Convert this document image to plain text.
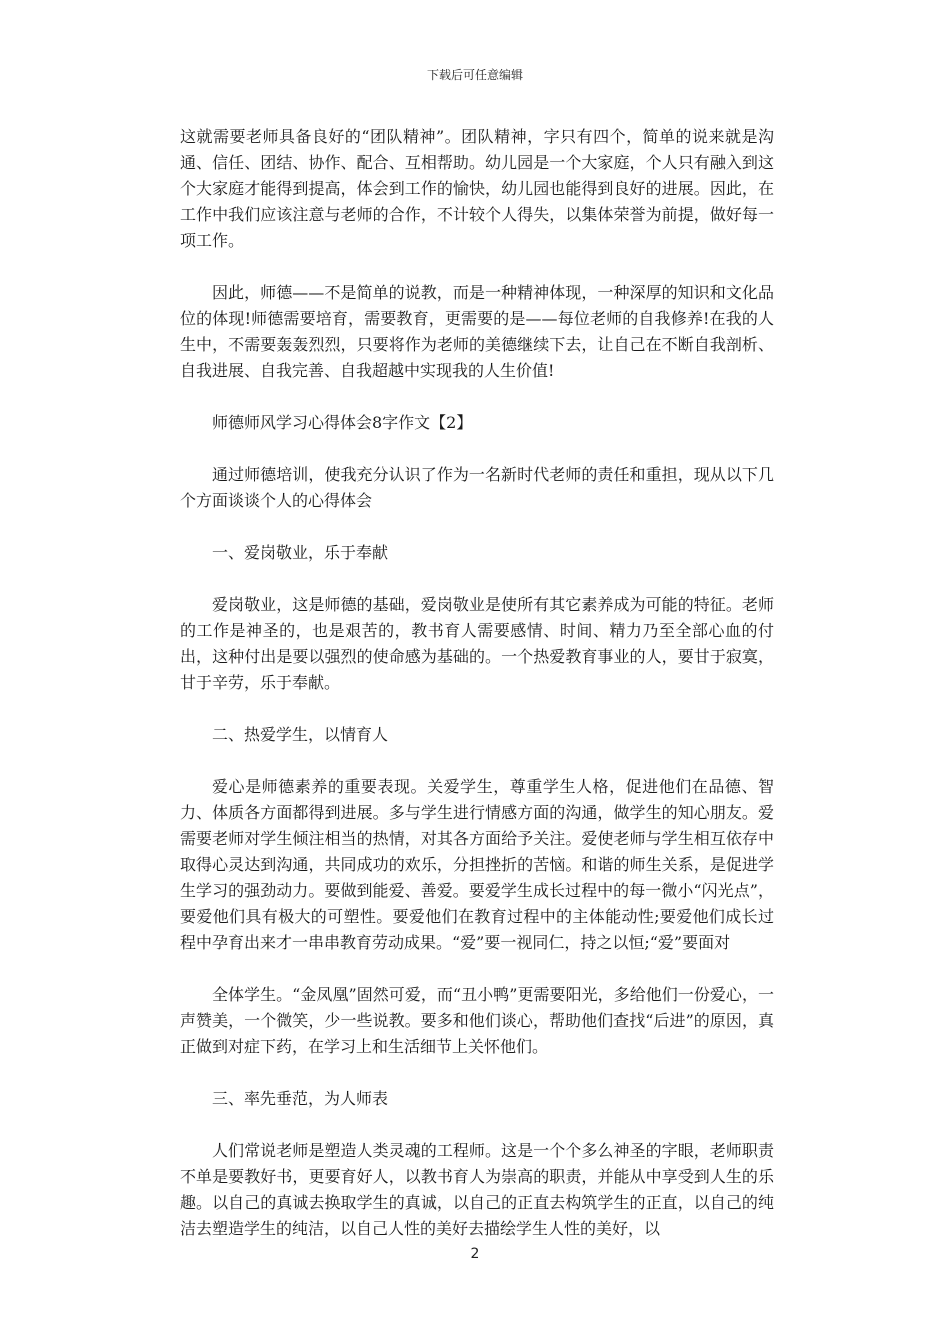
下载后可任意编辑

这就需要老师具备良好的“团队精神”。团队精神，字只有四个，简单的说来就是沟通、信任、团结、协作、配合、互相帮助。幼儿园是一个大家庭，个人只有融入到这个大家庭才能得到提高，体会到工作的愉快，幼儿园也能得到良好的进展。因此，在工作中我们应该注意与老师的合作，不计较个人得失，以集体荣誉为前提，做好每一项工作。

因此，师德——不是简单的说教，而是一种精神体现，一种深厚的知识和文化品位的体现!师德需要培育，需要教育，更需要的是——每位老师的自我修养!在我的人生中，不需要轰轰烈烈，只要将作为老师的美德继续下去，让自己在不断自我剖析、自我进展、自我完善、自我超越中实现我的人生价值!

师德师风学习心得体会8字作文【2】

通过师德培训，使我充分认识了作为一名新时代老师的责任和重担，现从以下几个方面谈谈个人的心得体会

一、爱岗敬业，乐于奉献

爱岗敬业，这是师德的基础，爱岗敬业是使所有其它素养成为可能的特征。老师的工作是神圣的，也是艰苦的，教书育人需要感情、时间、精力乃至全部心血的付出，这种付出是要以强烈的使命感为基础的。一个热爱教育事业的人，要甘于寂寞，甘于辛劳，乐于奉献。

二、热爱学生，以情育人

爱心是师德素养的重要表现。关爱学生，尊重学生人格，促进他们在品德、智力、体质各方面都得到进展。多与学生进行情感方面的沟通，做学生的知心朋友。爱需要老师对学生倾注相当的热情，对其各方面给予关注。爱使老师与学生相互依存中取得心灵达到沟通，共同成功的欢乐，分担挫折的苦恼。和谐的师生关系，是促进学生学习的强劲动力。要做到能爱、善爱。要爱学生成长过程中的每一微小“闪光点”，要爱他们具有极大的可塑性。要爱他们在教育过程中的主体能动性;要爱他们成长过程中孕育出来才一串串教育劳动成果。“爱”要一视同仁，持之以恒;“爱”要面对

全体学生。“金凤凰”固然可爱，而“丑小鸭”更需要阳光，多给他们一份爱心，一声赞美，一个微笑，少一些说教。要多和他们谈心，帮助他们查找“后进”的原因，真正做到对症下药，在学习上和生活细节上关怀他们。

三、率先垂范，为人师表

人们常说老师是塑造人类灵魂的工程师。这是一个个多么神圣的字眼，老师职责不单是要教好书，更要育好人，以教书育人为崇高的职责，并能从中享受到人生的乐趣。以自己的真诚去换取学生的真诚，以自己的正直去构筑学生的正直，以自己的纯洁去塑造学生的纯洁，以自己人性的美好去描绘学生人性的美好，以

2
